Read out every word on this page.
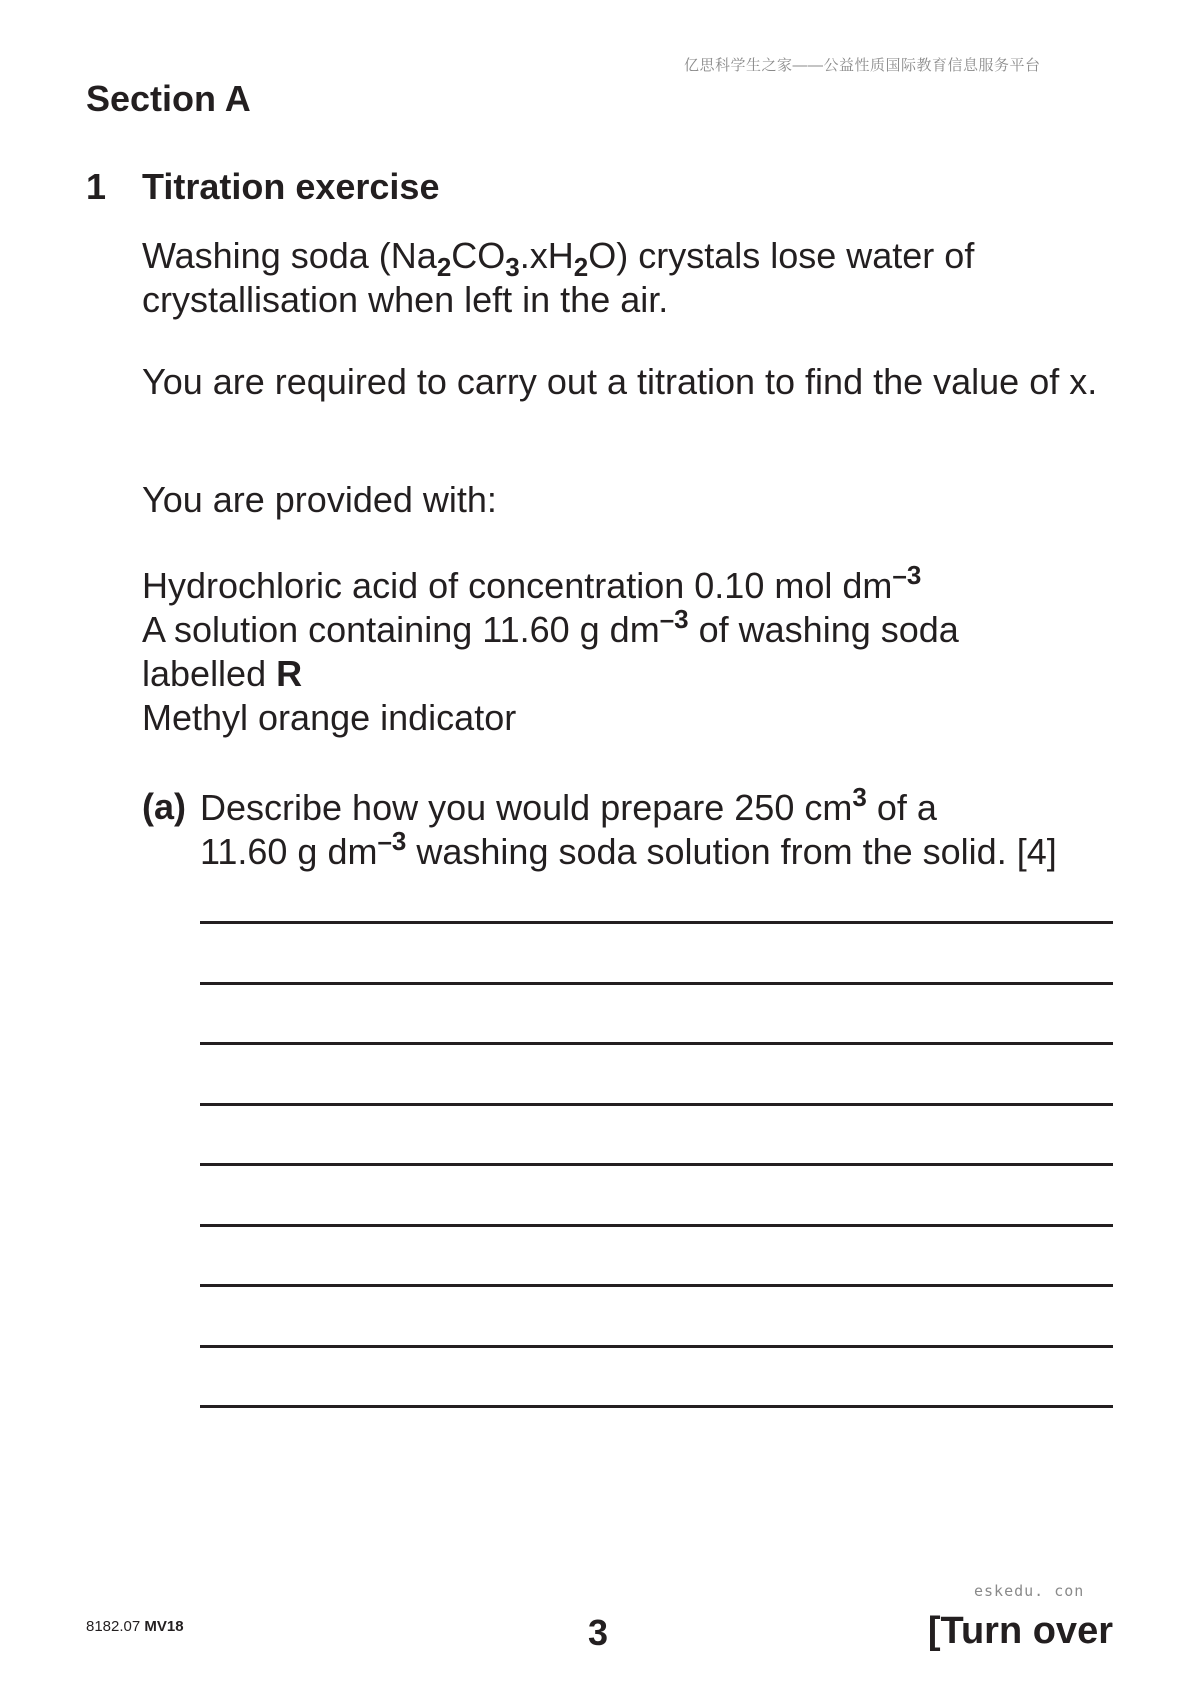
亿思科学生之家——公益性质国际教育信息服务平台
Section A
1 Titration exercise
Washing soda $(Na_2CO_3.xH_2O)$ crystals lose water of
crystallisation when left in the air.
You are required to carry out a titration to find the value of x.
You are provided with:
Hydrochloric acid of concentration 0.10 mol $dm^{-3}$
A solution containing 11.60 g $dm^{-3}$ of washing soda
labelled R
Methyl orange indicator
(a) Describe how you would prepare 250 $cm^3$ of a
11.60 g $dm^{-3}$ washing soda solution from the solid. [4]
eskedu. con
8182.07 MV18	3	[Turn over
